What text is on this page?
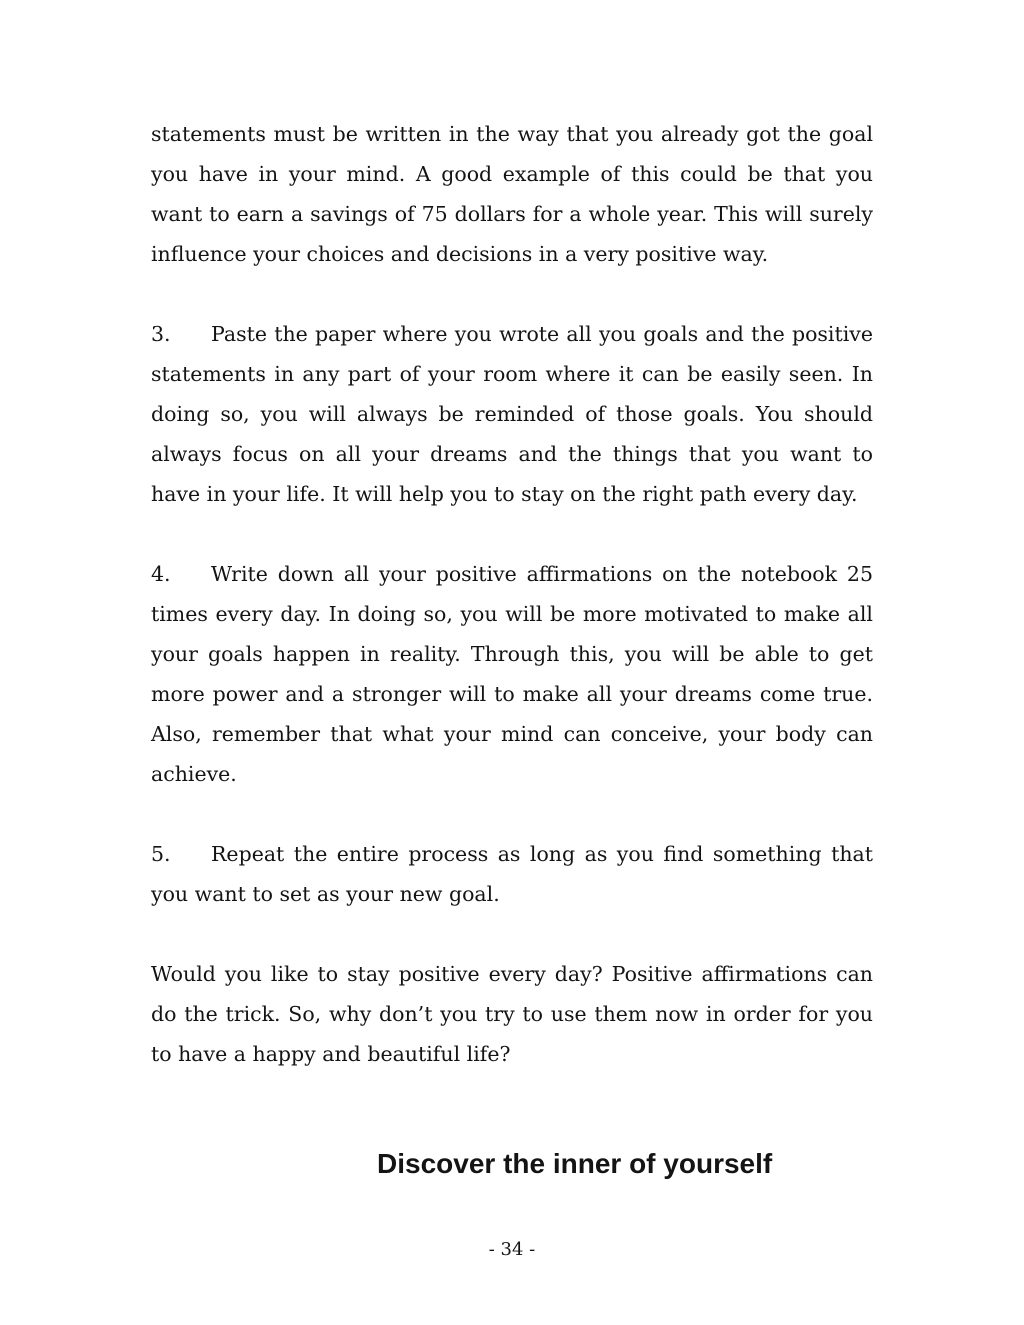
statements must be written in the way that you already got the goal you have in your mind. A good example of this could be that you want to earn a savings of 75 dollars for a whole year. This will surely influence your choices and decisions in a very positive way.

3. Paste the paper where you wrote all you goals and the positive statements in any part of your room where it can be easily seen. In doing so, you will always be reminded of those goals. You should always focus on all your dreams and the things that you want to have in your life. It will help you to stay on the right path every day.

4. Write down all your positive affirmations on the notebook 25 times every day. In doing so, you will be more motivated to make all your goals happen in reality. Through this, you will be able to get more power and a stronger will to make all your dreams come true. Also, remember that what your mind can conceive, your body can achieve.

5. Repeat the entire process as long as you find something that you want to set as your new goal.

Would you like to stay positive every day? Positive affirmations can do the trick. So, why don’t you try to use them now in order for you to have a happy and beautiful life?

Discover the inner of yourself
- 34 -
